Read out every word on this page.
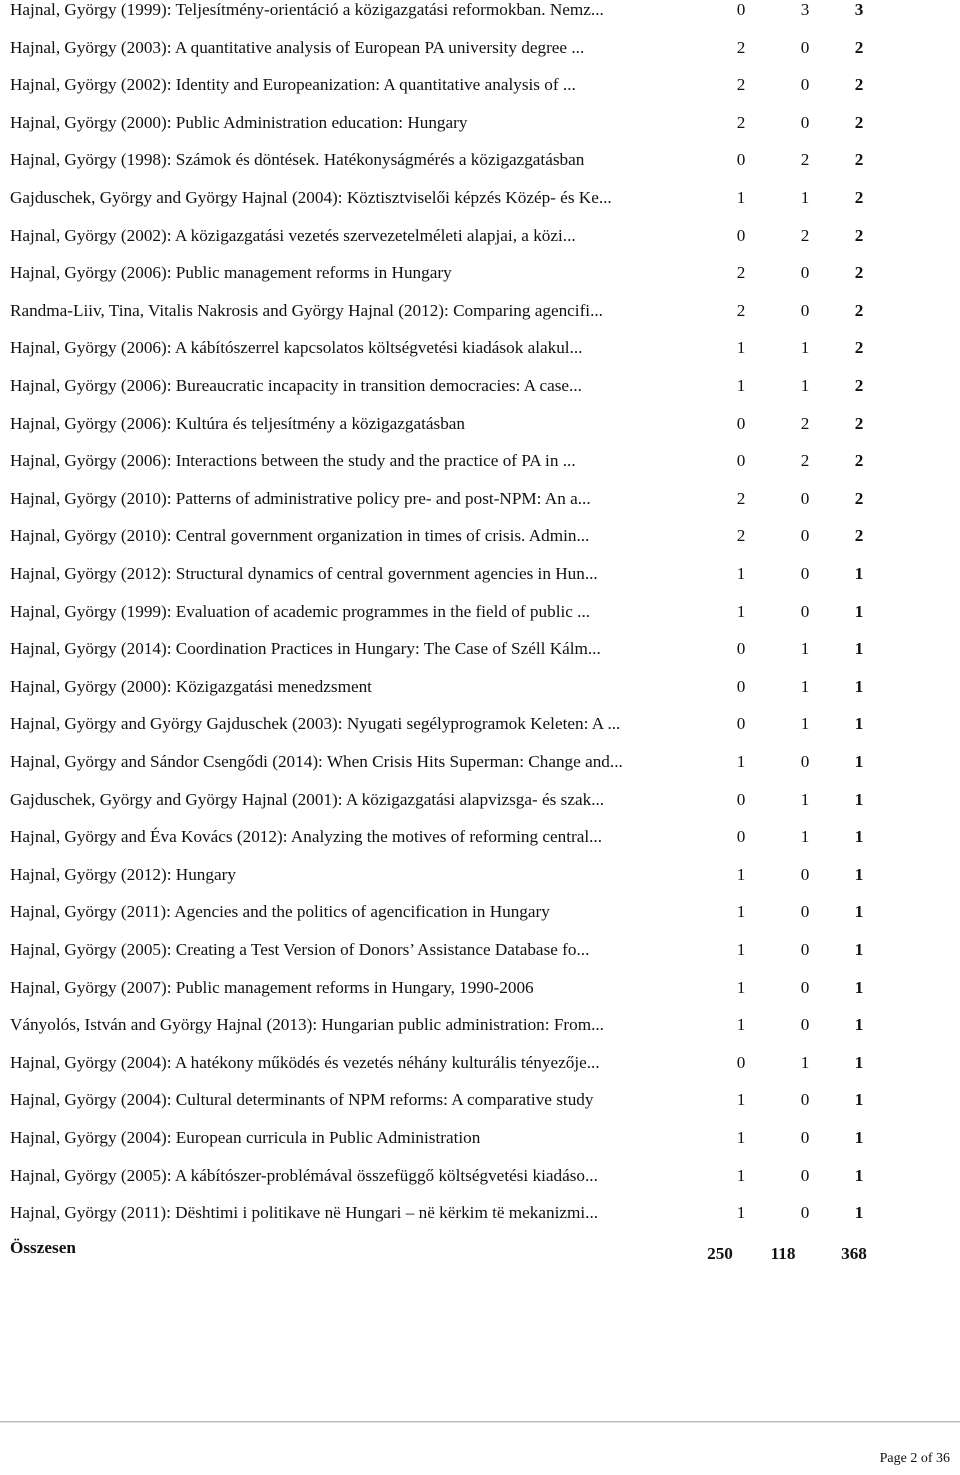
Hajnal, György (1999): Teljesítmény-orientáció a közigazgatási reformokban. Nemz...	0	3	3
Hajnal, György (2003): A quantitative analysis of European PA university degree ...	2	0	2
Hajnal, György (2002): Identity and Europeanization: A quantitative analysis of ...	2	0	2
Hajnal, György (2000): Public Administration education: Hungary	2	0	2
Hajnal, György (1998): Számok és döntések. Hatékonyságmérés a közigazgatásban	0	2	2
Gajduschek, György and György Hajnal (2004): Köztisztviselői képzés Közép- és Ke...	1	1	2
Hajnal, György (2002): A közigazgatási vezetés szervezetelméleti alapjai, a közi...	0	2	2
Hajnal, György (2006): Public management reforms in Hungary	2	0	2
Randma-Liiv, Tina, Vitalis Nakrosis and György Hajnal (2012): Comparing agencifi...	2	0	2
Hajnal, György (2006): A kábítószerrel kapcsolatos költségvetési kiadások alakul...	1	1	2
Hajnal, György (2006): Bureaucratic incapacity in transition democracies: A case...	1	1	2
Hajnal, György (2006): Kultúra és teljesítmény a közigazgatásban	0	2	2
Hajnal, György (2006): Interactions between the study and the practice of PA in ...	0	2	2
Hajnal, György (2010): Patterns of administrative policy pre- and post-NPM: An a...	2	0	2
Hajnal, György (2010): Central government organization in times of crisis. Admin...	2	0	2
Hajnal, György (2012): Structural dynamics of central government agencies in Hun...	1	0	1
Hajnal, György (1999): Evaluation of academic programmes in the field of public ...	1	0	1
Hajnal, György (2014): Coordination Practices in Hungary: The Case of Széll Kálm...	0	1	1
Hajnal, György (2000): Közigazgatási menedzsment	0	1	1
Hajnal, György and György Gajduschek (2003): Nyugati segélyprogramok Keleten: A ...	0	1	1
Hajnal, György and Sándor Csengődi (2014): When Crisis Hits Superman: Change and...	1	0	1
Gajduschek, György and György Hajnal (2001): A közigazgatási alapvizsga- és szak...	0	1	1
Hajnal, György and Éva Kovács (2012): Analyzing the motives of reforming central...	0	1	1
Hajnal, György (2012): Hungary	1	0	1
Hajnal, György (2011): Agencies and the politics of agencification in Hungary	1	0	1
Hajnal, György (2005): Creating a Test Version of Donors’ Assistance Database fo...	1	0	1
Hajnal, György (2007): Public management reforms in Hungary, 1990-2006	1	0	1
Ványolós, István and György Hajnal (2013): Hungarian public administration: From...	1	0	1
Hajnal, György (2004): A hatékony működés és vezetés néhány kulturális tényezője...	0	1	1
Hajnal, György (2004): Cultural determinants of NPM reforms: A comparative study	1	0	1
Hajnal, György (2004): European curricula in Public Administration	1	0	1
Hajnal, György (2005): A kábítószer-problémával összefüggő költségvetési kiadáso...	1	0	1
Hajnal, György (2011): Dështimi i politikave në Hungari – në kërkim të mekanizmi...	1	0	1
Összesen	250	118	368
Page 2 of 36
